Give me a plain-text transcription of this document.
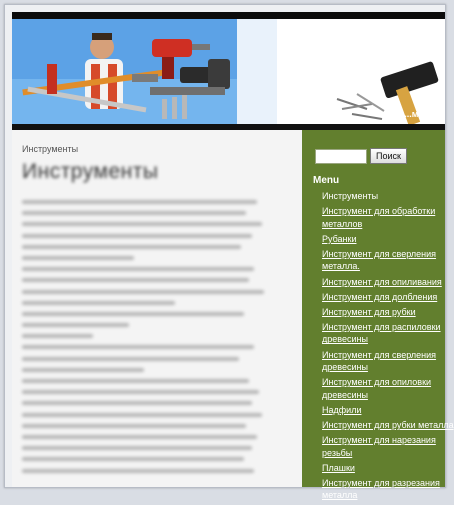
...менты
Инструменты
Инструменты
Поиск
Menu
Инструменты
Инструмент для обработки
металлов
Рубанки
Инструмент для сверления
металла.
Инструмент для опиливания
Инструмент для долбления
Инструмент для рубки
Инструмент для распиловки
древесины
Инструмент для сверления
древесины
Инструмент для опиловки
древесины
Надфили
Инструмент для рубки металла
Инструмент для нарезания
резьбы
Плашки
Инструмент для разрезания
металла
